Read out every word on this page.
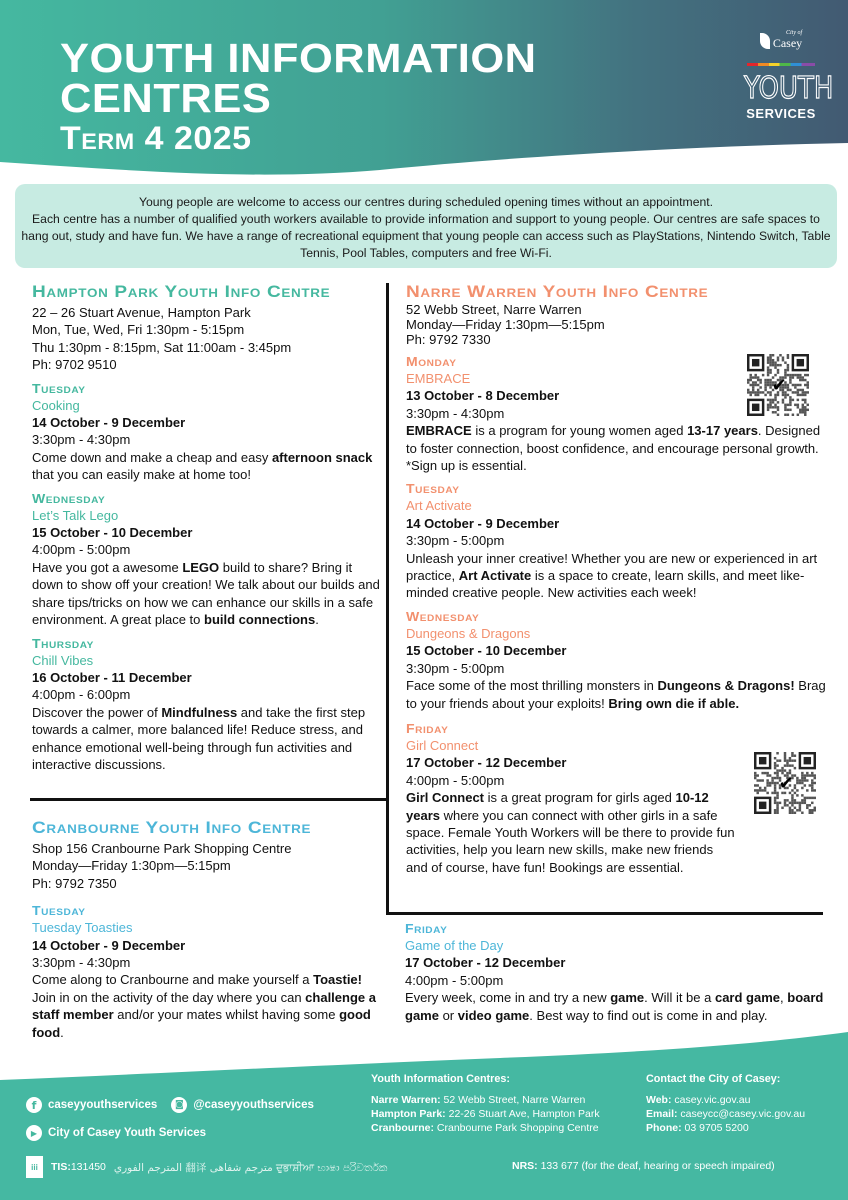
YOUTH INFORMATION
CENTRES
Term 4 2025
City of
Casey
YOUTH
SERVICES
Young people are welcome to access our centres during scheduled opening times without an appointment.
Each centre has a number of qualified youth workers available to provide information and support to young people. Our centres are safe spaces to hang out, study and have fun. We have a range of recreational equipment that young people can access such as PlayStations, Nintendo Switch, Table Tennis, Pool Tables, computers and free Wi-Fi.
Hampton Park Youth Info Centre
22 – 26 Stuart Avenue, Hampton Park
Mon, Tue, Wed, Fri 1:30pm - 5:15pm
Thu 1:30pm - 8:15pm, Sat 11:00am - 3:45pm
Ph: 9702 9510
Tuesday
Cooking
14 October - 9 December
3:30pm - 4:30pm
Come down and make a cheap and easy afternoon snack that you can easily make at home too!
Wednesday
Let’s Talk Lego
15 October - 10 December
4:00pm - 5:00pm
Have you got a awesome LEGO build to share? Bring it down to show off your creation! We talk about our builds and share tips/tricks on how we can enhance our skills in a safe environment. A great place to build connections.
Thursday
Chill Vibes
16 October - 11 December
4:00pm - 6:00pm
Discover the power of Mindfulness and take the first step towards a calmer, more balanced life! Reduce stress, and enhance emotional well-being through fun activities and interactive discussions.
Cranbourne Youth Info Centre
Shop 156 Cranbourne Park Shopping Centre
Monday—Friday 1:30pm—5:15pm
Ph: 9792 7350
Tuesday
Tuesday Toasties
14 October - 9 December
3:30pm - 4:30pm
Come along to Cranbourne and make yourself a Toastie! Join in on the activity of the day where you can challenge a staff member and/or your mates whilst having some good food.
Narre Warren Youth Info Centre
52 Webb Street, Narre Warren
Monday—Friday 1:30pm—5:15pm
Ph: 9792 7330
Monday
EMBRACE
13 October - 8 December
3:30pm - 4:30pm
EMBRACE is a program for young women aged 13-17 years. Designed to foster connection, boost confidence, and encourage personal growth. *Sign up is essential.
Tuesday
Art Activate
14 October - 9 December
3:30pm - 5:00pm
Unleash your inner creative! Whether you are new or experienced in art practice, Art Activate is a space to create, learn skills, and meet like-minded creative people. New activities each week!
Wednesday
Dungeons & Dragons
15 October - 10 December
3:30pm - 5:00pm
Face some of the most thrilling monsters in Dungeons & Dragons! Brag to your friends about your exploits! Bring own die if able.
Friday
Girl Connect
17 October - 12 December
4:00pm - 5:00pm
Girl Connect is a great program for girls aged 10-12 years where you can connect with other girls in a safe space. Female Youth Workers will be there to provide fun activities, help you learn new skills, make new friends and of course, have fun! Bookings are essential.
Friday
Game of the Day
17 October - 12 December
4:00pm - 5:00pm
Every week, come in and try a new game. Will it be a card game, board game or video game. Best way to find out is come in and play.
✔
✔
f	caseyyouthservices	◙ @caseyyouthservices
▶ City of Casey Youth Services
Youth Information Centres:
Narre Warren: 52 Webb Street, Narre Warren
Hampton Park: 22-26 Stuart Ave, Hampton Park
Cranbourne: Cranbourne Park Shopping Centre
Contact the City of Casey:
Web: casey.vic.gov.au
Email: caseycc@casey.vic.gov.au
Phone: 03 9705 5200
ііі	TIS:131450 المترجم الفوري 翻译 مترجم شفاهی ਦੁਭਾਸ਼ੀਆ භාෂා පරිවර්තක	NRS: 133 677 (for the deaf, hearing or speech impaired)
